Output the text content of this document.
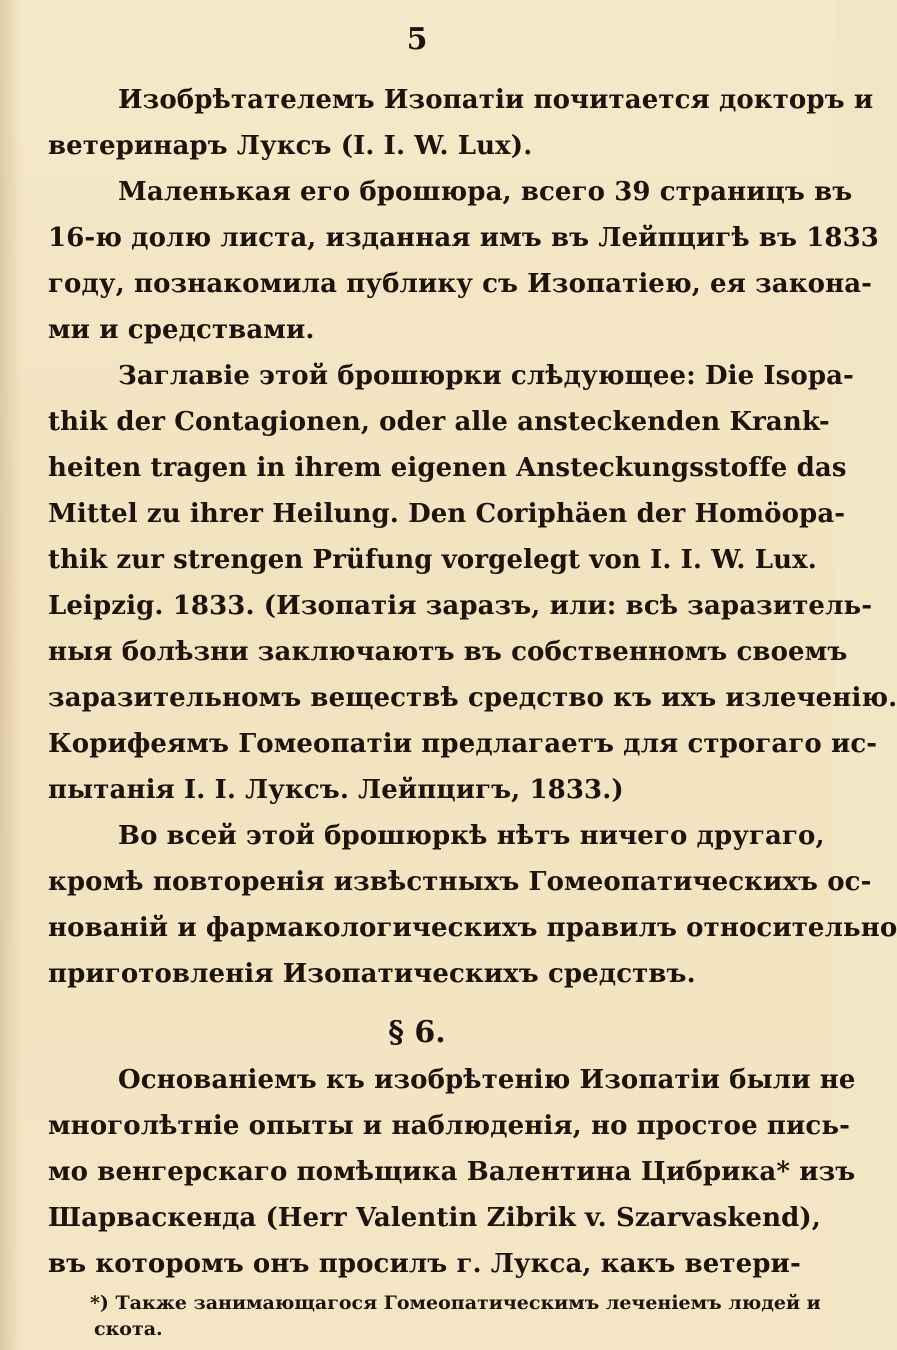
5
Изобрѣтателемъ Изопатіи почитается докторъ и
ветеринаръ Луксъ (I. I. W. Lux).
Маленькая его брошюра, всего 39 страницъ въ
16-ю долю листа, изданная имъ въ Лейпцигѣ въ 1833
году, познакомила публику съ Изопатіею, ея закона-
ми и средствами.
Заглавіе этой брошюрки слѣдующее: Die Isopa-
thik der Contagionen, oder alle ansteckenden Krank-
heiten tragen in ihrem eigenen Ansteckungsstoffe das
Mittel zu ihrer Heilung. Den Coriphäen der Homöopa-
thik zur strengen Prüfung vorgelegt von I. I. W. Lux.
Leipzig. 1833. (Изопатія заразъ, или: всѣ заразитель-
ныя болѣзни заключаютъ въ собственномъ своемъ
заразительномъ веществѣ средство къ ихъ излеченію.
Корифеямъ Гомеопатіи предлагаетъ для строгаго ис-
пытанія I. I. Луксъ. Лейпцигъ, 1833.)
Во всей этой брошюркѣ нѣтъ ничего другаго,
кромѣ повторенія извѣстныхъ Гомеопатическихъ ос-
нованій и фармакологическихъ правилъ относительно
приготовленія Изопатическихъ средствъ.
§ 6.
Основаніемъ къ изобрѣтенію Изопатіи были не
многолѣтніе опыты и наблюденія, но простое пись-
мо венгерскаго помѣщика Валентина Цибрика* изъ
Шарваскенда (Herr Valentin Zibrik v. Szarvaskend),
въ которомъ онъ просилъ г. Лукса, какъ ветери-
*) Также занимающагося Гомеопатическимъ леченіемъ людей и
скота.
